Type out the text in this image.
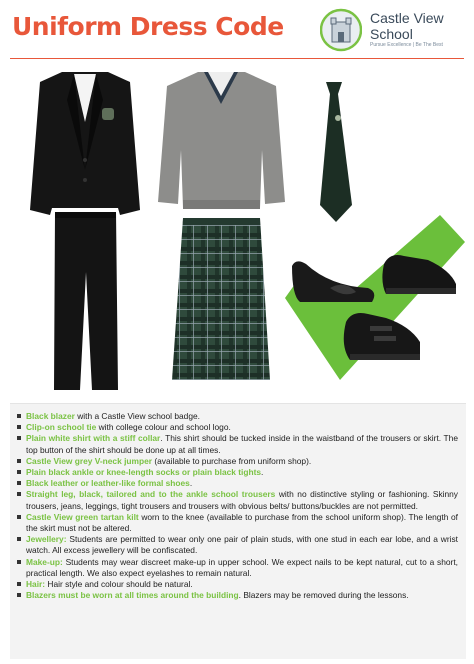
Uniform Dress Code	Castle View
School
Pursue Excellence | Be The Best
Black blazer with a Castle View school badge.
Clip-on school tie with college colour and school logo.
Plain white shirt with a stiff collar. This shirt should be tucked inside in the waistband of the trousers or skirt. The top button of the shirt should be done up at all times.
Castle View grey V-neck jumper (available to purchase from uniform shop).
Plain black ankle or knee-length socks or plain black tights.
Black leather or leather-like formal shoes.
Straight leg, black, tailored and to the ankle school trousers with no distinctive styling or fashioning. Skinny trousers, jeans, leggings, tight trousers and trousers with obvious belts/ buttons/buckles are not permitted.
Castle View green tartan kilt worn to the knee (available to purchase from the school uniform shop). The length of the skirt must not be altered.
Jewellery: Students are permitted to wear only one pair of plain studs, with one stud in each ear lobe, and a wrist watch. All excess jewellery will be confiscated.
Make-up: Students may wear discreet make-up in upper school. We expect nails to be kept natural, cut to a short, practical length. We also expect eyelashes to remain natural.
Hair: Hair style and colour should be natural.
Blazers must be worn at all times around the building. Blazers may be removed during the lessons.
